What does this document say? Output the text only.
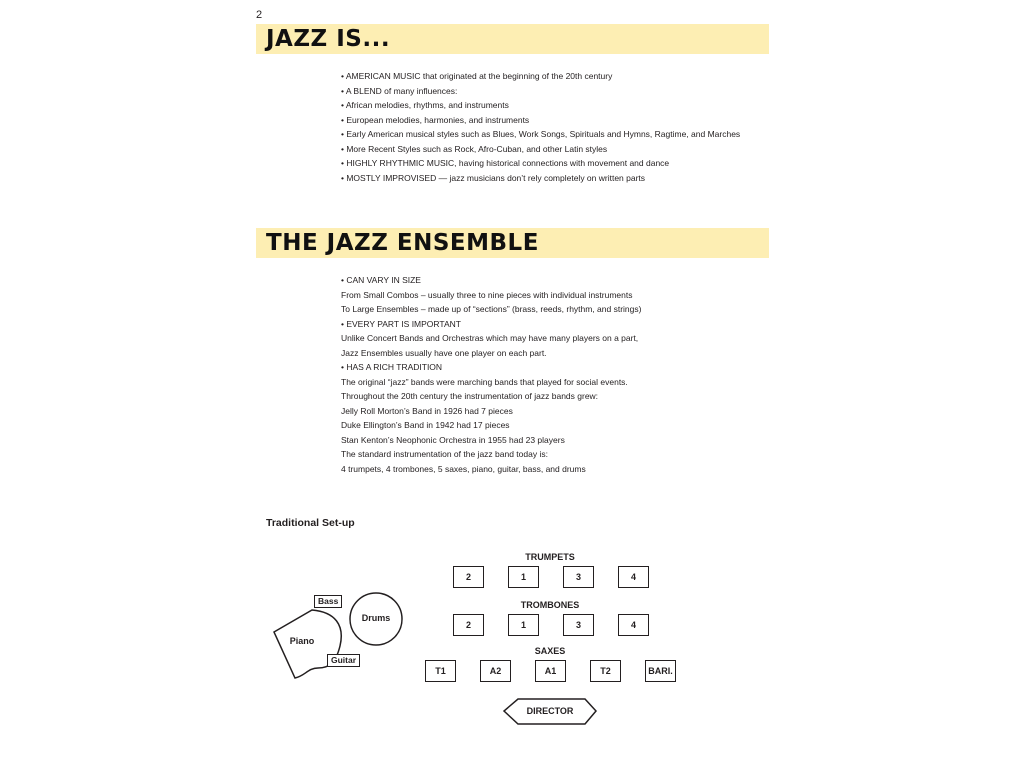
2
JAZZ IS...
• AMERICAN MUSIC that originated at the beginning of the 20th century
• A BLEND of many influences:
• African melodies, rhythms, and instruments
• European melodies, harmonies, and instruments
• Early American musical styles such as Blues, Work Songs, Spirituals and Hymns, Ragtime, and Marches
• More Recent Styles such as Rock, Afro-Cuban, and other Latin styles
• HIGHLY RHYTHMIC MUSIC, having historical connections with movement and dance
• MOSTLY IMPROVISED — jazz musicians don’t rely completely on written parts
THE JAZZ ENSEMBLE
• CAN VARY IN SIZE
From Small Combos – usually three to nine pieces with individual instruments
To Large Ensembles – made up of “sections” (brass, reeds, rhythm, and strings)
• EVERY PART IS IMPORTANT
Unlike Concert Bands and Orchestras which may have many players on a part,
Jazz Ensembles usually have one player on each part.
• HAS A RICH TRADITION
The original “jazz” bands were marching bands that played for social events.
Throughout the 20th century the instrumentation of jazz bands grew:
Jelly Roll Morton’s Band in 1926 had 7 pieces
Duke Ellington’s Band in 1942 had 17 pieces
Stan Kenton’s Neophonic Orchestra in 1955 had 23 players
The standard instrumentation of the jazz band today is:
4 trumpets, 4 trombones, 5 saxes, piano, guitar, bass, and drums
Traditional Set-up
Bass
Drums
Piano
Guitar
TRUMPETS
2	1	3	4
TROMBONES
2	1	3	4
SAXES
T1	A2	A1	T2	BARI.
DIRECTOR
